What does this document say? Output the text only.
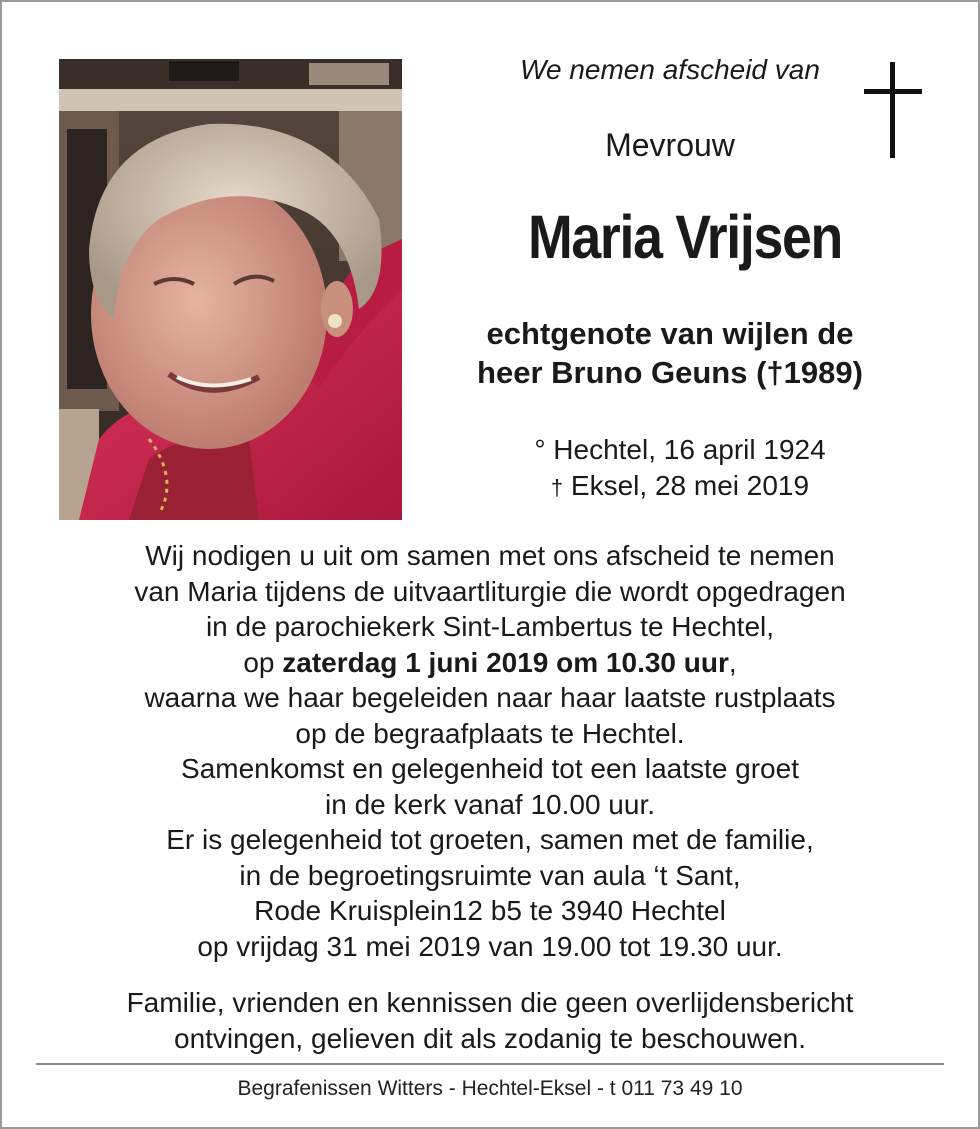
We nemen afscheid van
Mevrouw
Maria Vrijsen
echtgenote van wijlen de
heer Bruno Geuns (†1989)
° Hechtel, 16 april 1924
† Eksel, 28 mei 2019

Wij nodigen u uit om samen met ons afscheid te nemen

van Maria tijdens de uitvaartliturgie die wordt opgedragen

in de parochiekerk Sint-Lambertus te Hechtel,

op zaterdag 1 juni 2019 om 10.30 uur,

waarna we haar begeleiden naar haar laatste rustplaats

op de begraafplaats te Hechtel.

Samenkomst en gelegenheid tot een laatste groet

in de kerk vanaf 10.00 uur.

Er is gelegenheid tot groeten, samen met de familie,

in de begroetingsruimte van aula ‘t Sant,

Rode Kruisplein12 b5 te 3940 Hechtel

op vrijdag 31 mei 2019 van 19.00 tot 19.30 uur.

Familie, vrienden en kennissen die geen overlijdensbericht

ontvingen, gelieven dit als zodanig te beschouwen.

Begrafenissen Witters - Hechtel-Eksel - t 011 73 49 10
